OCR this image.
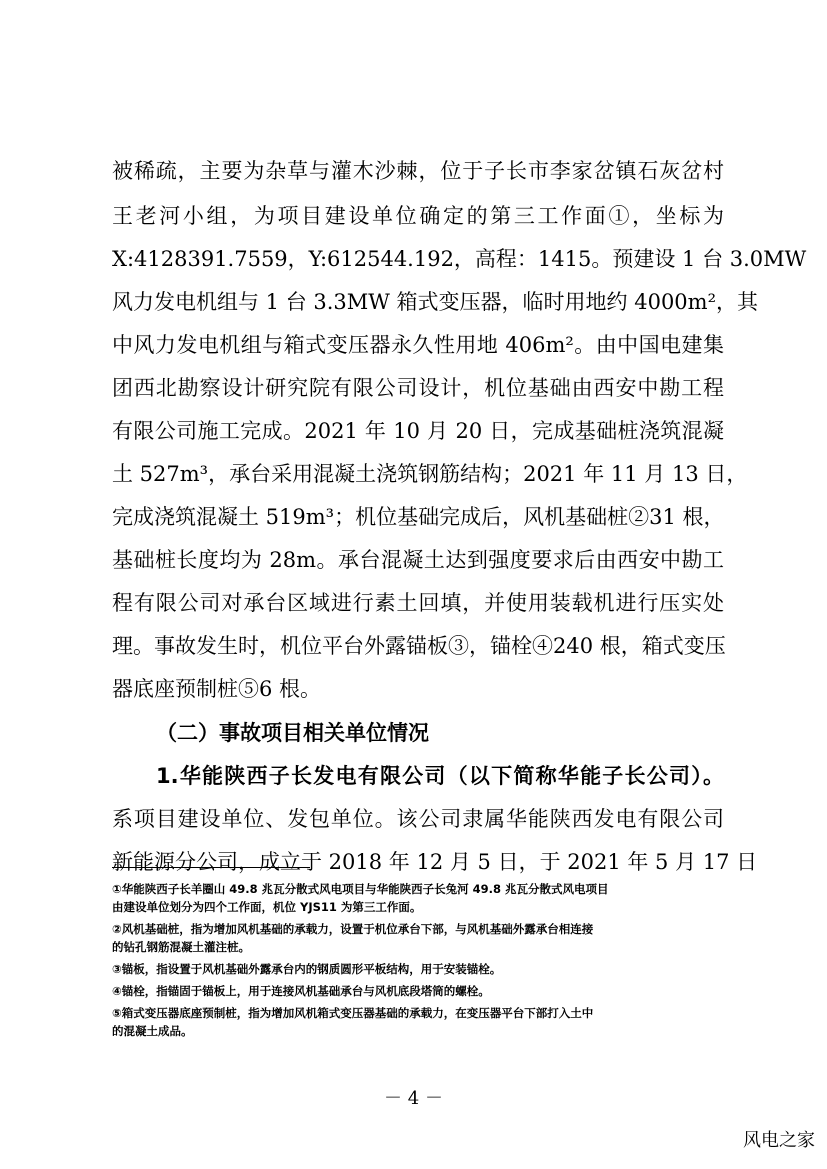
被稀疏，主要为杂草与灌木沙棘，位于子长市李家岔镇石灰岔村
王老河小组，为项目建设单位确定的第三工作面①，坐标为
X:4128391.7559，Y:612544.192，高程：1415。预建设 1 台 3.0MW
风力发电机组与 1 台 3.3MW 箱式变压器，临时用地约 4000m²，其
中风力发电机组与箱式变压器永久性用地 406m²。由中国电建集
团西北勘察设计研究院有限公司设计，机位基础由西安中勘工程
有限公司施工完成。2021 年 10 月 20 日，完成基础桩浇筑混凝
土 527m³，承台采用混凝土浇筑钢筋结构；2021 年 11 月 13 日，
完成浇筑混凝土 519m³；机位基础完成后，风机基础桩②31 根，
基础桩长度均为 28m。承台混凝土达到强度要求后由西安中勘工
程有限公司对承台区域进行素土回填，并使用装载机进行压实处
理。事故发生时，机位平台外露锚板③，锚栓④240 根，箱式变压
器底座预制桩⑤6 根。
（二）事故项目相关单位情况
1.华能陕西子长发电有限公司（以下简称华能子长公司）。
系项目建设单位、发包单位。该公司隶属华能陕西发电有限公司
新能源分公司，成立于 2018 年 12 月 5 日，于 2021 年 5 月 17 日
①华能陕西子长羊圈山 49.8 兆瓦分散式风电项目与华能陕西子长兔河 49.8 兆瓦分散式风电项目
由建设单位划分为四个工作面，机位 YJS11 为第三工作面。
②风机基础桩，指为增加风机基础的承载力，设置于机位承台下部，与风机基础外露承台相连接
的钻孔钢筋混凝土灌注桩。
③锚板，指设置于风机基础外露承台内的钢质圆形平板结构，用于安装锚栓。
④锚栓，指锚固于锚板上，用于连接风机基础承台与风机底段塔筒的螺栓。
⑤箱式变压器底座预制桩，指为增加风机箱式变压器基础的承载力，在变压器平台下部打入土中
的混凝土成品。
－ 4 －
风电之家
